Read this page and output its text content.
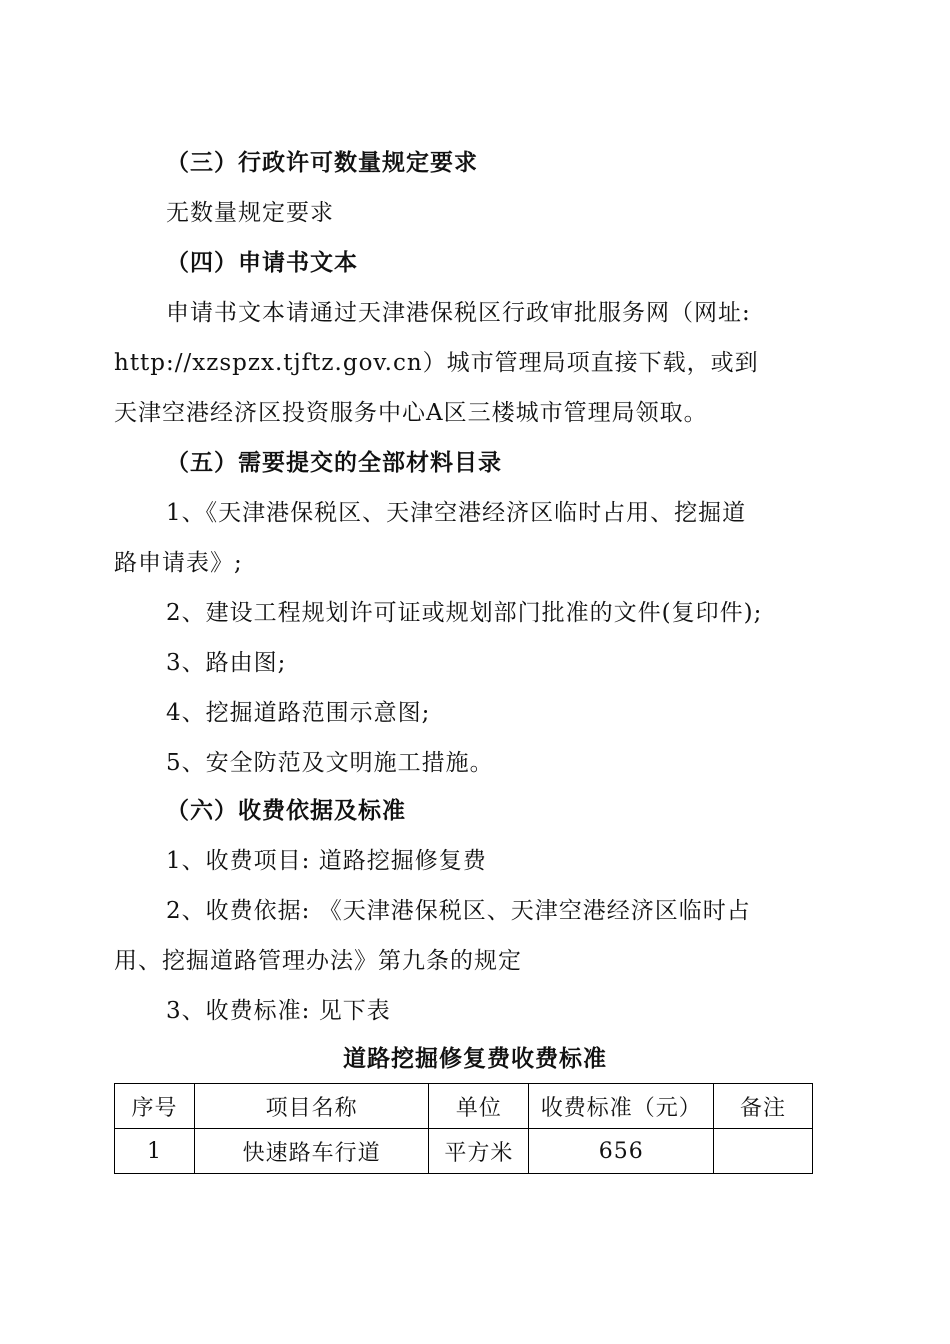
（三）行政许可数量规定要求
无数量规定要求
（四）申请书文本
申请书文本请通过天津港保税区行政审批服务网（网址:
http://xzspzx.tjftz.gov.cn）城市管理局项直接下载，或到
天津空港经济区投资服务中心A区三楼城市管理局领取。
（五）需要提交的全部材料目录
1、《天津港保税区、天津空港经济区临时占用、挖掘道
路申请表》;
2、建设工程规划许可证或规划部门批准的文件(复印件);
3、路由图;
4、挖掘道路范围示意图;
5、安全防范及文明施工措施。
（六）收费依据及标准
1、收费项目: 道路挖掘修复费
2、收费依据: 《天津港保税区、天津空港经济区临时占
用、挖掘道路管理办法》第九条的规定
3、收费标准: 见下表
道路挖掘修复费收费标准
序号	项目名称	单位	收费标准（元）	备注
1	快速路车行道	平方米	656	
